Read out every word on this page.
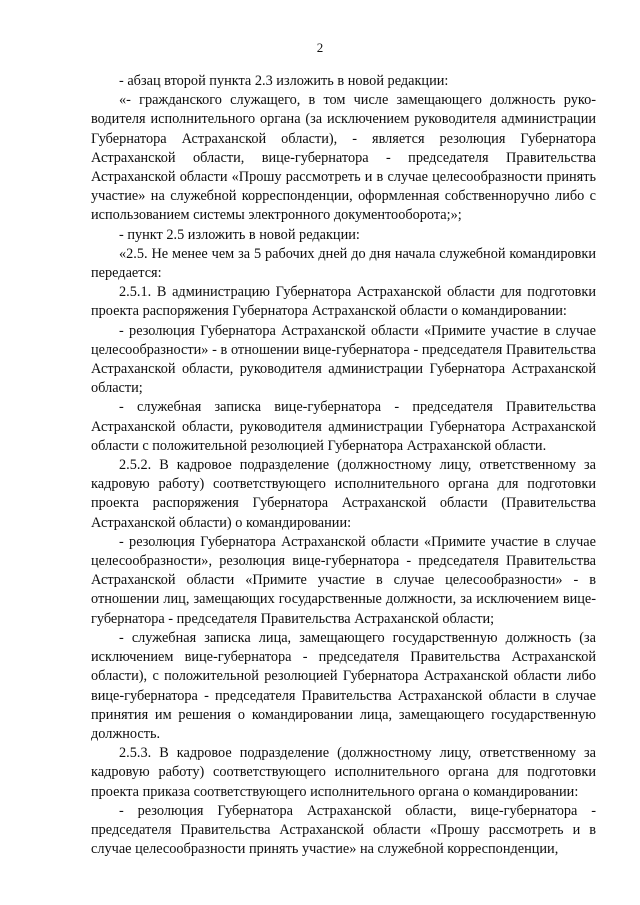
2

- абзац второй пункта 2.3 изложить в новой редакции:

«- гражданского служащего, в том числе замещающего должность руководителя исполнительного органа (за исключением руководителя администрации Губернатора Астраханской области), - является резолюция Губернатора Астраханской области, вице-губернатора - председателя Правительства Астраханской области «Прошу рассмотреть и в случае целесообразности принять участие» на служебной корреспонденции, оформленная собственноручно либо с использованием системы электронного документооборота;»;

- пункт 2.5 изложить в новой редакции:

«2.5. Не менее чем за 5 рабочих дней до дня начала служебной командировки передается:

2.5.1. В администрацию Губернатора Астраханской области для подготовки проекта распоряжения Губернатора Астраханской области о командировании:

- резолюция Губернатора Астраханской области «Примите участие в случае целесообразности» - в отношении вице-губернатора - председателя Правительства Астраханской области, руководителя администрации Губернатора Астраханской области;

- служебная записка вице-губернатора - председателя Правительства Астраханской области, руководителя администрации Губернатора Астраханской области с положительной резолюцией Губернатора Астраханской области.

2.5.2. В кадровое подразделение (должностному лицу, ответственному за кадровую работу) соответствующего исполнительного органа для подготовки проекта распоряжения Губернатора Астраханской области (Правительства Астраханской области) о командировании:

- резолюция Губернатора Астраханской области «Примите участие в случае целесообразности», резолюция вице-губернатора - председателя Правительства Астраханской области «Примите участие в случае целесообразности» - в отношении лиц, замещающих государственные должности, за исключением вице-губернатора - председателя Правительства Астраханской области;

- служебная записка лица, замещающего государственную должность (за исключением вице-губернатора - председателя Правительства Астраханской области), с положительной резолюцией Губернатора Астраханской области либо вице-губернатора - председателя Правительства Астраханской области в случае принятия им решения о командировании лица, замещающего государственную должность.

2.5.3. В кадровое подразделение (должностному лицу, ответственному за кадровую работу) соответствующего исполнительного органа для подготовки проекта приказа соответствующего исполнительного органа о командировании:

- резолюция Губернатора Астраханской области, вице-губернатора - председателя Правительства Астраханской области «Прошу рассмотреть и в случае целесообразности принять участие» на служебной корреспонденции,
